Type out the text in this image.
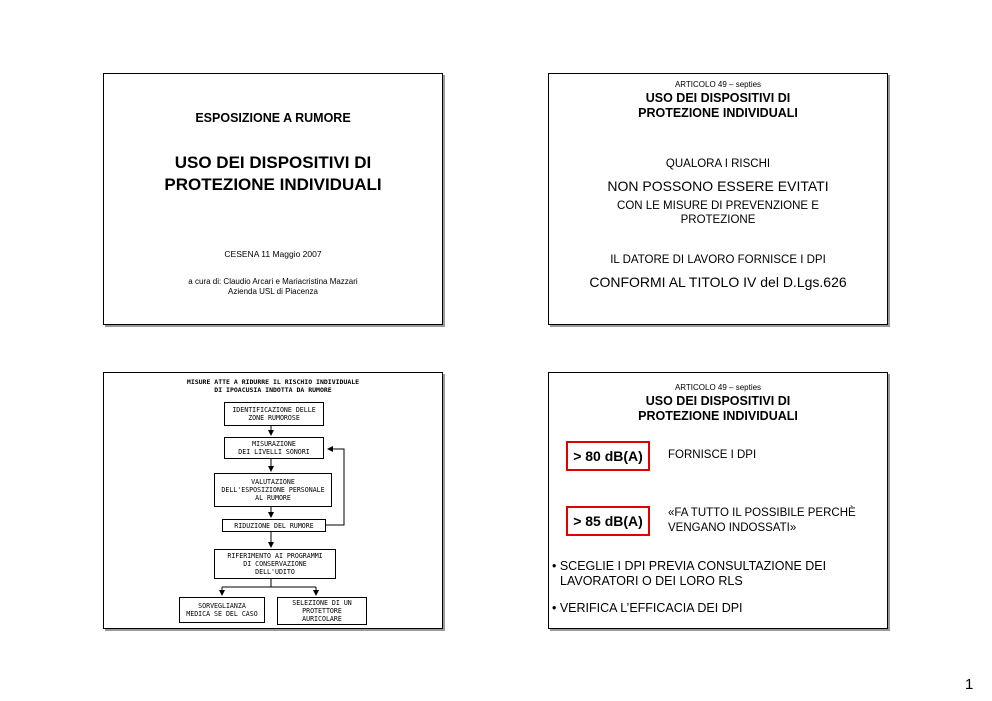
ESPOSIZIONE A RUMORE
USO DEI DISPOSITIVI DI
PROTEZIONE INDIVIDUALI
CESENA 11 Maggio 2007
a cura di: Claudio Arcari e Mariacristina Mazzari
Azienda USL di Piacenza
ARTICOLO 49 – septies
USO DEI DISPOSITIVI DI
PROTEZIONE INDIVIDUALI
QUALORA I RISCHI
NON POSSONO ESSERE EVITATI
CON LE MISURE DI PREVENZIONE E
PROTEZIONE
IL DATORE DI LAVORO FORNISCE I DPI
CONFORMI AL TITOLO IV del D.Lgs.626
MISURE ATTE A RIDURRE IL RISCHIO INDIVIDUALE
DI IPOACUSIA INDOTTA DA RUMORE
IDENTIFICAZIONE DELLE
ZONE RUMOROSE
MISURAZIONE
DEI LIVELLI SONORI
VALUTAZIONE
DELL'ESPOSIZIONE PERSONALE
AL RUMORE
RIDUZIONE DEL RUMORE
RIFERIMENTO AI PROGRAMMI
DI CONSERVAZIONE
DELL'UDITO
SORVEGLIANZA
MEDICA SE DEL CASO
SELEZIONE DI UN
PROTETTORE
AURICOLARE
ARTICOLO 49 – septies
USO DEI DISPOSITIVI DI
PROTEZIONE INDIVIDUALI
> 80 dB(A)	FORNISCE I DPI
> 85 dB(A)	«FA TUTTO IL POSSIBILE PERCHÈ
VENGANO INDOSSATI»
• SCEGLIE I DPI PREVIA CONSULTAZIONE DEI
LAVORATORI O DEI LORO RLS
• VERIFICA L’EFFICACIA DEI DPI
1
